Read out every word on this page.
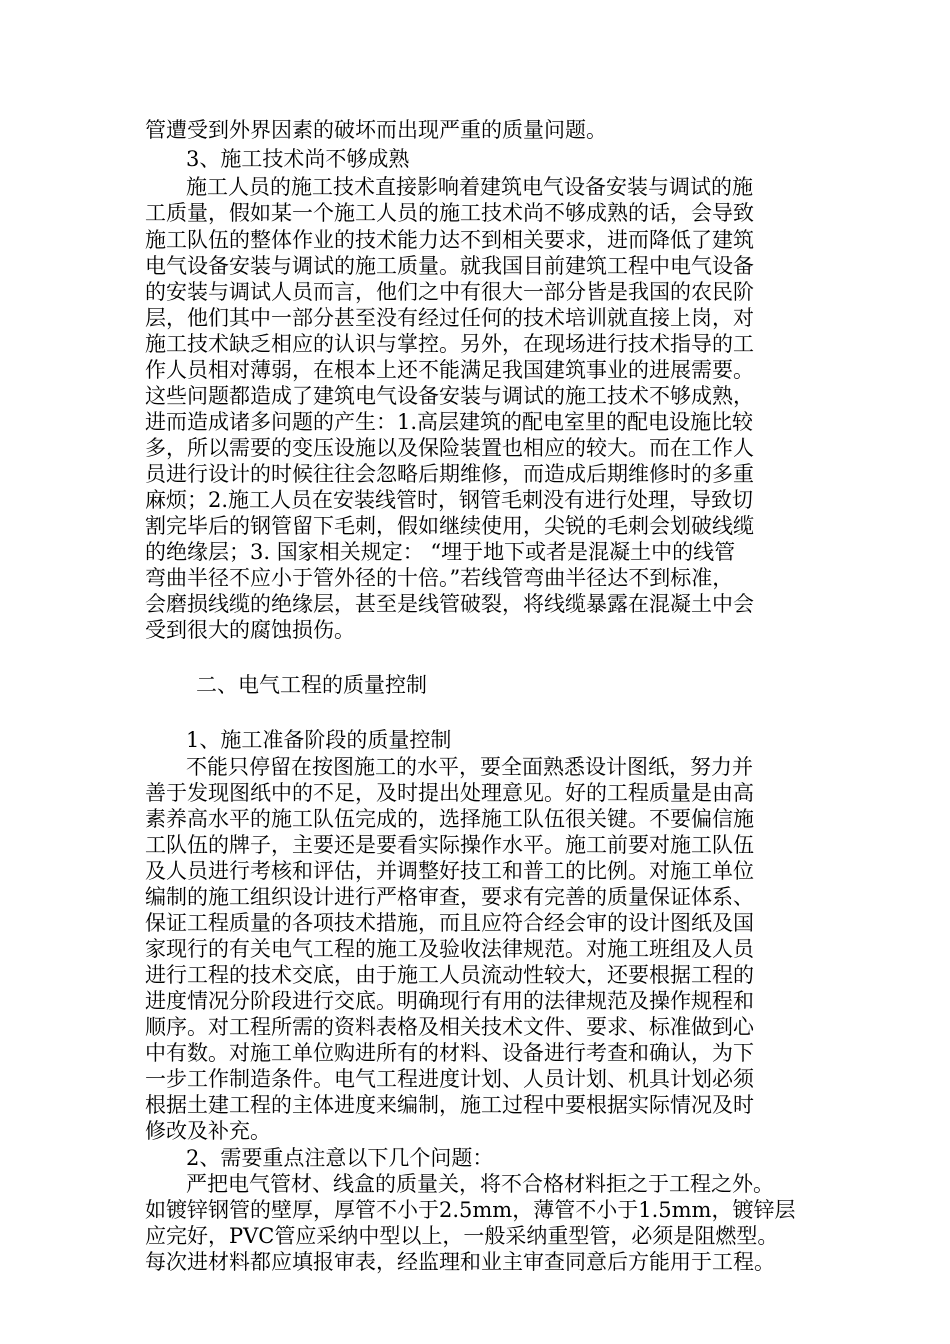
管遭受到外界因素的破坏而出现严重的质量问题。
3、施工技术尚不够成熟
施工人员的施工技术直接影响着建筑电气设备安装与调试的施
工质量，假如某一个施工人员的施工技术尚不够成熟的话，会导致
施工队伍的整体作业的技术能力达不到相关要求，进而降低了建筑
电气设备安装与调试的施工质量。就我国目前建筑工程中电气设备
的安装与调试人员而言，他们之中有很大一部分皆是我国的农民阶
层，他们其中一部分甚至没有经过任何的技术培训就直接上岗，对
施工技术缺乏相应的认识与掌控。另外，在现场进行技术指导的工
作人员相对薄弱，在根本上还不能满足我国建筑事业的进展需要。
这些问题都造成了建筑电气设备安装与调试的施工技术不够成熟，
进而造成诸多问题的产生：1.高层建筑的配电室里的配电设施比较
多，所以需要的变压设施以及保险装置也相应的较大。而在工作人
员进行设计的时候往往会忽略后期维修，而造成后期维修时的多重
麻烦；2.施工人员在安装线管时，钢管毛刺没有进行处理，导致切
割完毕后的钢管留下毛刺，假如继续使用，尖锐的毛刺会划破线缆
的绝缘层；3. 国家相关规定： “埋于地下或者是混凝土中的线管
弯曲半径不应小于管外径的十倍。”若线管弯曲半径达不到标准，
会磨损线缆的绝缘层，甚至是线管破裂，将线缆暴露在混凝土中会
受到很大的腐蚀损伤。
二、电气工程的质量控制
1、施工准备阶段的质量控制
不能只停留在按图施工的水平，要全面熟悉设计图纸，努力并
善于发现图纸中的不足，及时提出处理意见。好的工程质量是由高
素养高水平的施工队伍完成的，选择施工队伍很关键。不要偏信施
工队伍的牌子，主要还是要看实际操作水平。施工前要对施工队伍
及人员进行考核和评估，并调整好技工和普工的比例。对施工单位
编制的施工组织设计进行严格审查，要求有完善的质量保证体系、
保证工程质量的各项技术措施，而且应符合经会审的设计图纸及国
家现行的有关电气工程的施工及验收法律规范。对施工班组及人员
进行工程的技术交底，由于施工人员流动性较大，还要根据工程的
进度情况分阶段进行交底。明确现行有用的法律规范及操作规程和
顺序。对工程所需的资料表格及相关技术文件、要求、标准做到心
中有数。对施工单位购进所有的材料、设备进行考查和确认，为下
一步工作制造条件。电气工程进度计划、人员计划、机具计划必须
根据土建工程的主体进度来编制，施工过程中要根据实际情况及时
修改及补充。
2、需要重点注意以下几个问题：
严把电气管材、线盒的质量关，将不合格材料拒之于工程之外。
如镀锌钢管的壁厚，厚管不小于2.5mm，薄管不小于1.5mm，镀锌层
应完好，PVC管应采纳中型以上，一般采纳重型管，必须是阻燃型。
每次进材料都应填报审表，经监理和业主审查同意后方能用于工程。
